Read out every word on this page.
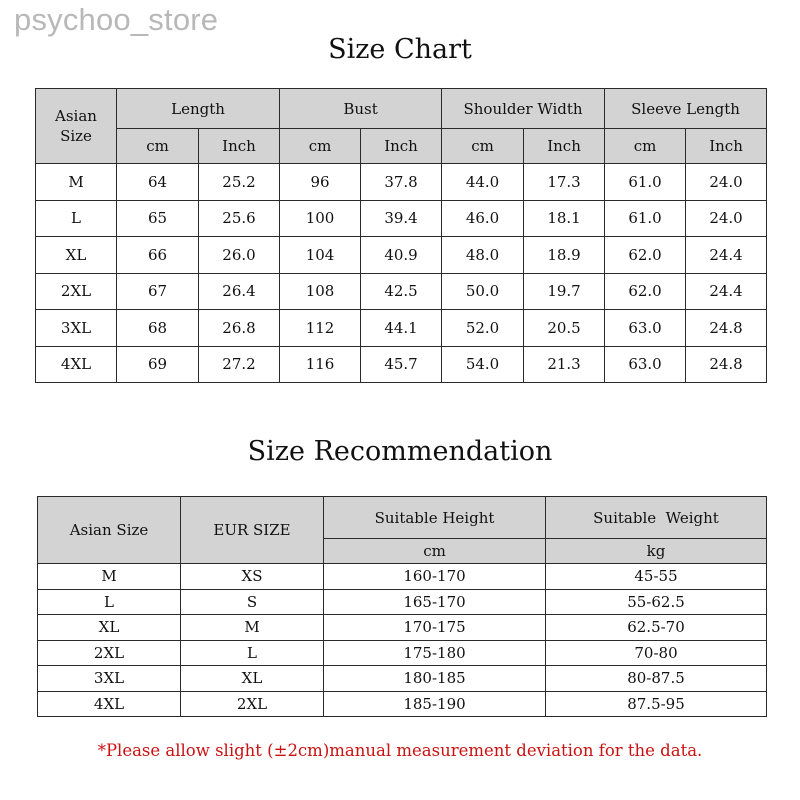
psychoo_store
Size Chart
Asian
Size	Length		Bust		Shoulder Width		Sleeve Length	
	cm	Inch	cm	Inch	cm	Inch	cm	Inch
M	64	25.2	96	37.8	44.0	17.3	61.0	24.0
L	65	25.6	100	39.4	46.0	18.1	61.0	24.0
XL	66	26.0	104	40.9	48.0	18.9	62.0	24.4
2XL	67	26.4	108	42.5	50.0	19.7	62.0	24.4
3XL	68	26.8	112	44.1	52.0	20.5	63.0	24.8
4XL	69	27.2	116	45.7	54.0	21.3	63.0	24.8
Size Recommendation
Asian Size	EUR SIZE	Suitable Height	Suitable  Weight
		cm	kg
M	XS	160-170	45-55
L	S	165-170	55-62.5
XL	M	170-175	62.5-70
2XL	L	175-180	70-80
3XL	XL	180-185	80-87.5
4XL	2XL	185-190	87.5-95
*Please allow slight (±2cm)manual measurement deviation for the data.
